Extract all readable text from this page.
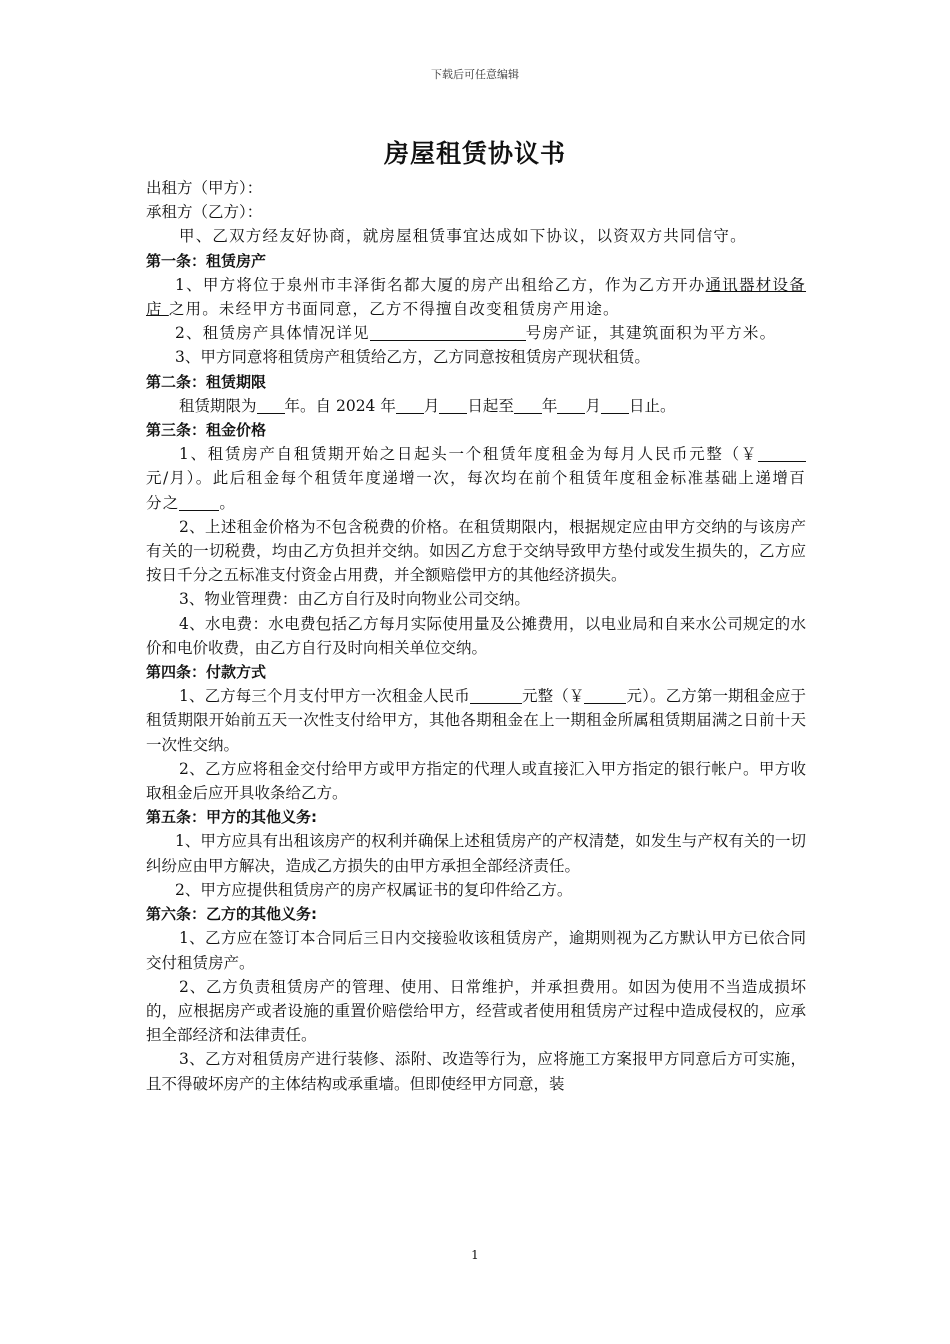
下载后可任意编辑
房屋租赁协议书

出租方（甲方）：

承租方（乙方）：

甲、乙双方经友好协商，就房屋租赁事宜达成如下协议，以资双方共同信守。

第一条：租赁房产

1、甲方将位于泉州市丰泽街名都大厦的房产出租给乙方，作为乙方开办通讯器材设备店 之用。未经甲方书面同意，乙方不得擅自改变租赁房产用途。

2、租赁房产具体情况详见	号房产证，其建筑面积为平方米。

3、甲方同意将租赁房产租赁给乙方，乙方同意按租赁房产现状租赁。

第二条：租赁期限

租赁期限为 年。自 2024 年 月 日起至 年 月 日止。

第三条：租金价格

1、租赁房产自租赁期开始之日起头一个租赁年度租金为每月人民币元整（￥元/月）。此后租金每个租赁年度递增一次，每次均在前个租赁年度租金标准基础上递增百分之	。

2、上述租金价格为不包含税费的价格。在租赁期限内，根据规定应由甲方交纳的与该房产有关的一切税费，均由乙方负担并交纳。如因乙方怠于交纳导致甲方垫付或发生损失的，乙方应按日千分之五标准支付资金占用费，并全额赔偿甲方的其他经济损失。

3、物业管理费：由乙方自行及时向物业公司交纳。

4、水电费：水电费包括乙方每月实际使用量及公摊费用，以电业局和自来水公司规定的水价和电价收费，由乙方自行及时向相关单位交纳。

第四条：付款方式

1、乙方每三个月支付甲方一次租金人民币	元整（￥	元）。乙方第一期租金应于租赁期限开始前五天一次性支付给甲方，其他各期租金在上一期租金所属租赁期届满之日前十天一次性交纳。

2、乙方应将租金交付给甲方或甲方指定的代理人或直接汇入甲方指定的银行帐户。甲方收取租金后应开具收条给乙方。

第五条：甲方的其他义务:

1、甲方应具有出租该房产的权利并确保上述租赁房产的产权清楚，如发生与产权有关的一切纠纷应由甲方解决，造成乙方损失的由甲方承担全部经济责任。

2、甲方应提供租赁房产的房产权属证书的复印件给乙方。

第六条：乙方的其他义务:

1、乙方应在签订本合同后三日内交接验收该租赁房产，逾期则视为乙方默认甲方已依合同交付租赁房产。

2、乙方负责租赁房产的管理、使用、日常维护，并承担费用。如因为使用不当造成损坏的，应根据房产或者设施的重置价赔偿给甲方，经营或者使用租赁房产过程中造成侵权的，应承担全部经济和法律责任。

3、乙方对租赁房产进行装修、添附、改造等行为，应将施工方案报甲方同意后方可实施，且不得破坏房产的主体结构或承重墙。但即使经甲方同意，装

1
